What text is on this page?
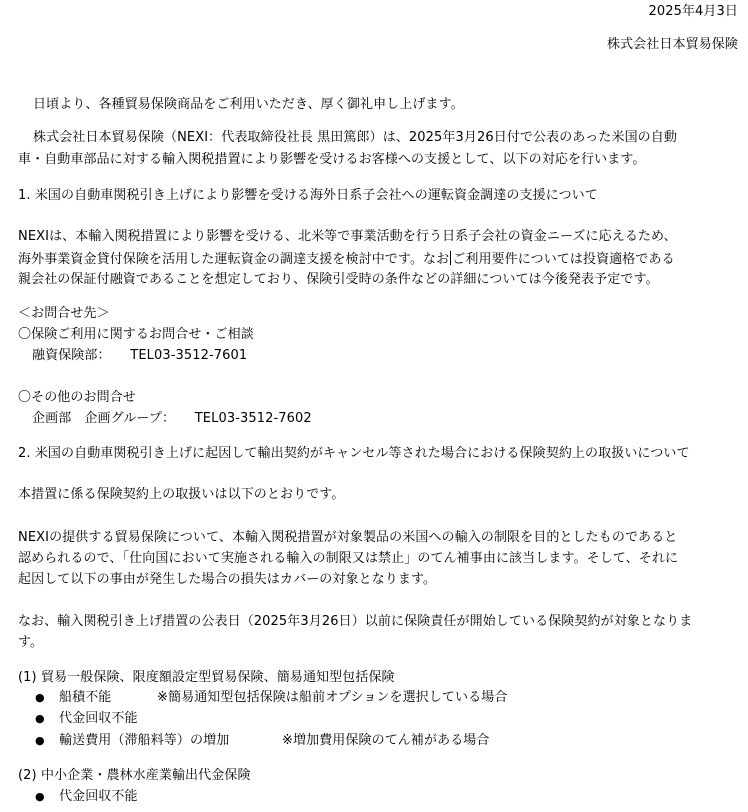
2025年4月3日
株式会社日本貿易保険
日頃より、各種貿易保険商品をご利用いただき、厚く御礼申し上げます。
株式会社日本貿易保険（NEXI：代表取締役社長 黒田篤郎）は、2025年3月26日付で公表のあった米国の自動
車・自動車部品に対する輸入関税措置により影響を受けるお客様への支援として、以下の対応を行います。
1. 米国の自動車関税引き上げにより影響を受ける海外日系子会社への運転資金調達の支援について
NEXIは、本輸入関税措置により影響を受ける、北米等で事業活動を行う日系子会社の資金ニーズに応えるため、
海外事業資金貸付保険を活用した運転資金の調達支援を検討中です。なお ご利用要件については投資適格である
親会社の保証付融資であることを想定しており、保険引受時の条件などの詳細については今後発表予定です。
＜お問合せ先＞
〇保険ご利用に関するお問合せ・ご相談
融資保険部：　　TEL03-3512-7601
〇その他のお問合せ
企画部　企画グループ：　　TEL03-3512-7602
2. 米国の自動車関税引き上げに起因して輸出契約がキャンセル等された場合における保険契約上の取扱いについて
本措置に係る保険契約上の取扱いは以下のとおりです。
NEXIの提供する貿易保険について、本輸入関税措置が対象製品の米国への輸入の制限を目的としたものであると
認められるので、「仕向国において実施される輸入の制限又は禁止」のてん補事由に該当します。そして、それに
起因して以下の事由が発生した場合の損失はカバーの対象となります。
なお、輸入関税引き上げ措置の公表日（2025年3月26日）以前に保険責任が開始している保険契約が対象となりま
す。
(1) 貿易一般保険、限度額設定型貿易保険、簡易通知型包括保険
● 船積不能	※簡易通知型包括保険は船前オプションを選択している場合
● 代金回収不能
● 輸送費用（滞船料等）の増加	※増加費用保険のてん補がある場合
(2) 中小企業・農林水産業輸出代金保険
● 代金回収不能
